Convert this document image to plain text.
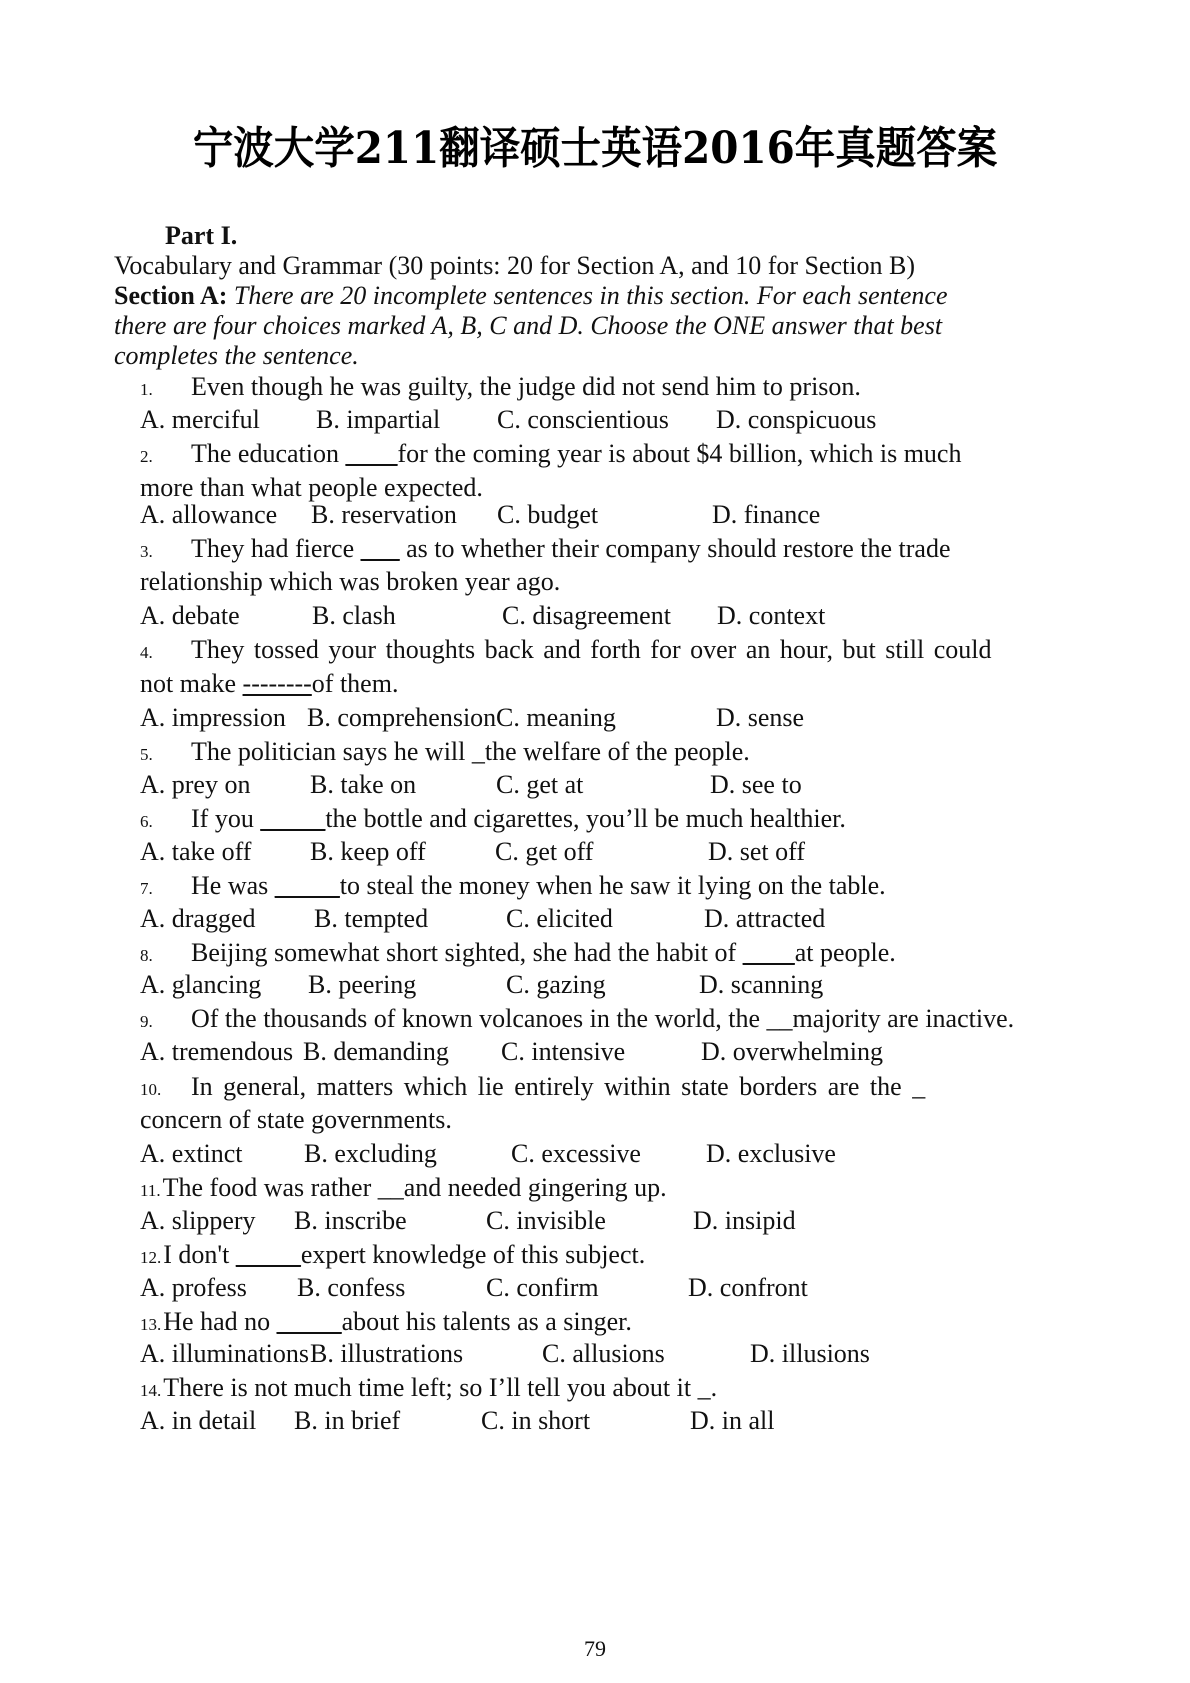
宁波大学211翻译硕士英语2016年真题答案
Part I.
Vocabulary and Grammar (30 points: 20 for Section A, and 10 for Section B)
Section A: There are 20 incomplete sentences in this section. For each sentence
there are four choices marked A, B, C and D. Choose the ONE answer that best
completes the sentence.
1. Even though he was guilty, the judge did not send him to prison.
A. merciful B. impartial C. conscientious D. conspicuous
2. The education ____for the coming year is about $4 billion, which is much
more than what people expected.
A. allowance B. reservation C. budget	D. finance
3. They had fierce ___ as to whether their company should restore the trade
relationship which was broken year ago.
A. debate	B. clash	C. disagreement D. context
4. They tossed your thoughts back and forth for over an hour, but still could
not make --------of them.
A. impression B. comprehension C. meaning	D. sense
5. The politician says he will _the welfare of the people.
A. prey on B. take on	C. get at	D. see to
6. If you _____the bottle and cigarettes, you’ll be much healthier.
A. take off B. keep off	C. get off	D. set off
7. He was _____to steal the money when he saw it lying on the table.
A. dragged B. tempted	C. elicited	D. attracted
8. Beijing somewhat short sighted, she had the habit of ____at people.
A. glancing B. peering	C. gazing	D. scanning
9. Of the thousands of known volcanoes in the world, the __majority are inactive.
A. tremendous B. demanding C. intensive	D. overwhelming
10. In general, matters which lie entirely within state borders are the _
concern of state governments.
A. extinct B. excluding	C. excessive	D. exclusive
11.The food was rather __and needed gingering up.
A. slippery B. inscribe	C. invisible	D. insipid
12.I don't _____expert knowledge of this subject.
A. profess B. confess	C. confirm	D. confront
13.He had no _____about his talents as a singer.
A. illuminations B. illustrations	C. allusions	D. illusions
14.There is not much time left; so I’ll tell you about it _.
A. in detail B. in brief	C. in short	D. in all
79
